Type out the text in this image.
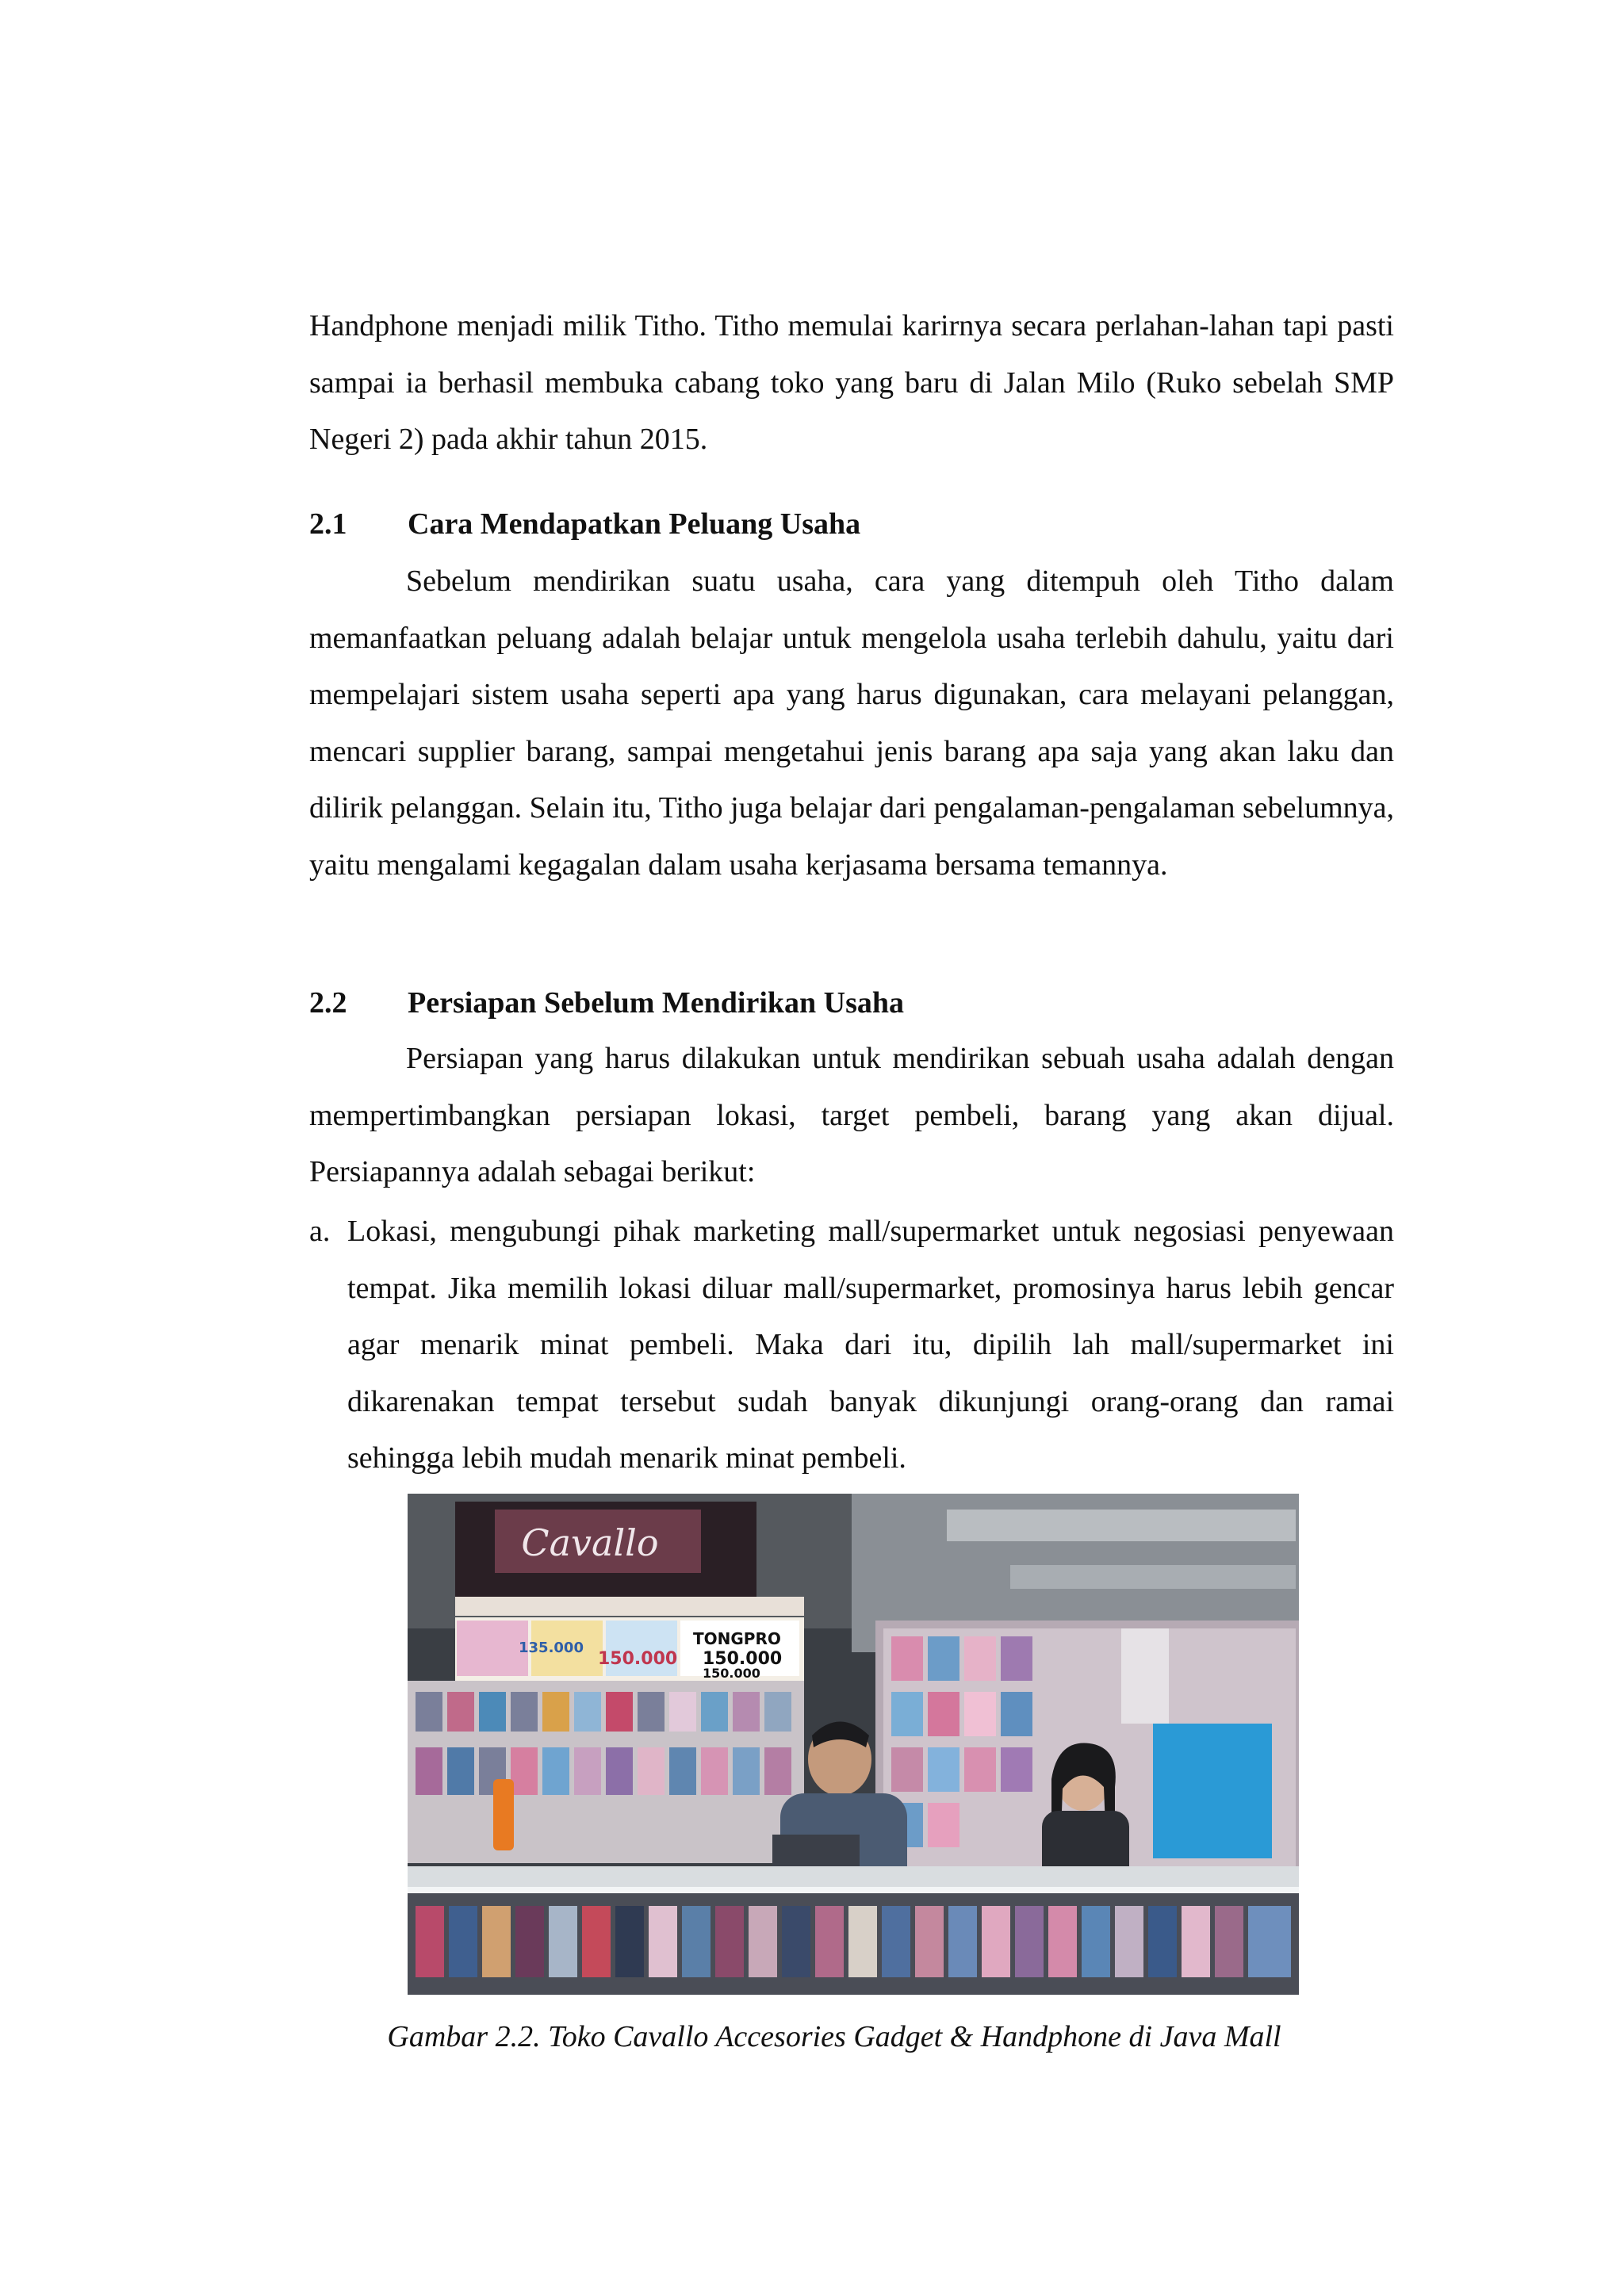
Handphone menjadi milik Titho. Titho memulai karirnya secara perlahan-lahan tapi pasti sampai ia berhasil membuka cabang toko yang baru di Jalan Milo (Ruko sebelah SMP Negeri 2) pada akhir tahun 2015.

2.1 Cara Mendapatkan Peluang Usaha

Sebelum mendirikan suatu usaha, cara yang ditempuh oleh Titho dalam memanfaatkan peluang adalah belajar untuk mengelola usaha terlebih dahulu, yaitu dari mempelajari sistem usaha seperti apa yang harus digunakan, cara melayani pelanggan, mencari supplier barang, sampai mengetahui jenis barang apa saja yang akan laku dan dilirik pelanggan. Selain itu, Titho juga belajar dari pengalaman-pengalaman sebelumnya, yaitu mengalami kegagalan dalam usaha kerjasama bersama temannya.

2.2 Persiapan Sebelum Mendirikan Usaha

Persiapan yang harus dilakukan untuk mendirikan sebuah usaha adalah dengan mempertimbangkan persiapan lokasi, target pembeli, barang yang akan dijual. Persiapannya adalah sebagai berikut:

a. Lokasi, mengubungi pihak marketing mall/supermarket untuk negosiasi penyewaan tempat. Jika memilih lokasi diluar mall/supermarket, promosinya harus lebih gencar agar menarik minat pembeli. Maka dari itu, dipilih lah mall/supermarket ini dikarenakan tempat tersebut sudah banyak dikunjungi orang-orang dan ramai sehingga lebih mudah menarik minat pembeli.
Cavallo
150.000
135.000	TONGPRO
150.000
150.000
Gambar 2.2. Toko Cavallo Accesories Gadget & Handphone di Java Mall
